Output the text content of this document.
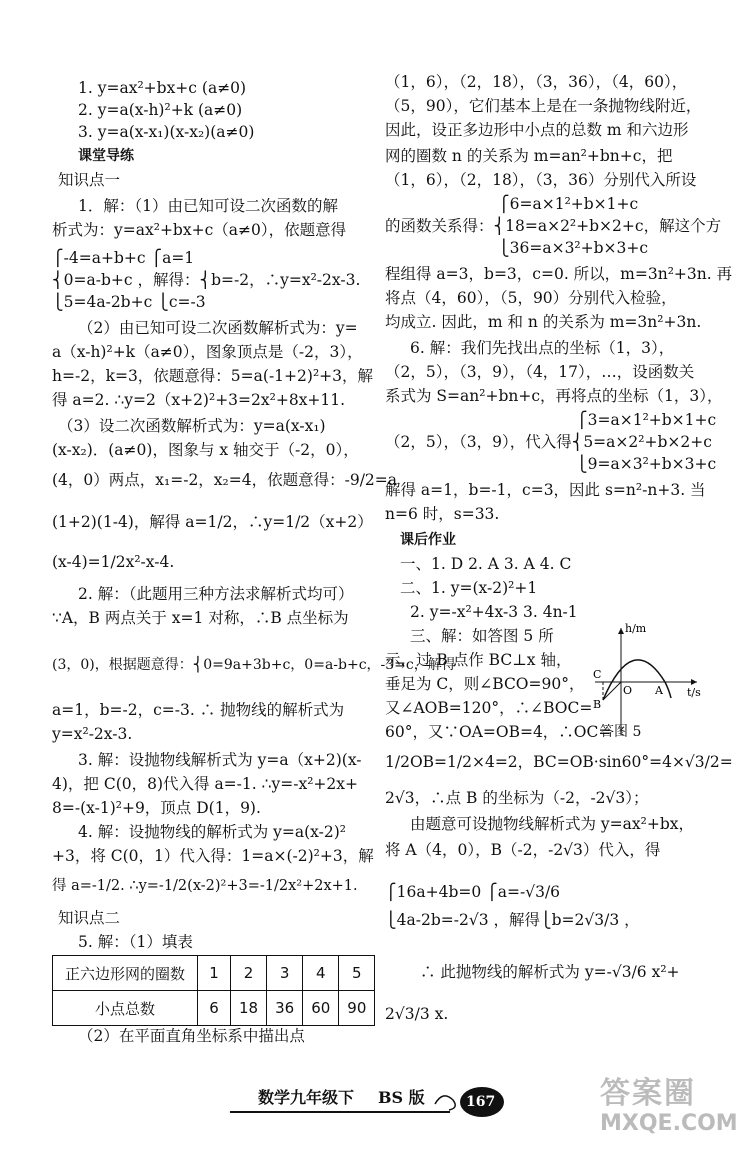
1. y=ax²+bx+c (a≠0)
2. y=a(x-h)²+k (a≠0)
3. y=a(x-x₁)(x-x₂)(a≠0)
课堂导练
知识点一
1．解：（1）由已知可设二次函数的解
析式为：y=ax²+bx+c（a≠0），依题意得
⎧-4=a+b+c ⎧a=1
⎨0=a-b+c ，解得：⎨b=-2，∴y=x²-2x-3.
⎩5=4a-2b+c ⎩c=-3
（2）由已知可设二次函数解析式为：y=
a（x-h)²+k（a≠0），图象顶点是（-2，3），
h=-2，k=3，依题意得：5=a(-1+2)²+3，解
得 a=2. ∴y=2（x+2)²+3=2x²+8x+11.
（3）设二次函数解析式为：y=a(x-x₁)
(x-x₂)．(a≠0)，图象与 x 轴交于（-2，0），
(4，0）两点，x₁=-2，x₂=4，依题意得：-9/2=a
(1+2)(1-4)，解得 a=1/2，∴y=1/2（x+2）
(x-4)=1/2x²-x-4.
2. 解：（此题用三种方法求解析式均可）
∵A，B 两点关于 x=1 对称，∴B 点坐标为
(3，0)，根据题意得：⎨0=9a+3b+c，0=a-b+c，-3=c，解得
a=1，b=-2，c=-3. ∴ 抛物线的解析式为
y=x²-2x-3.
3. 解：设抛物线解析式为 y=a（x+2)(x-
4)，把 C(0，8)代入得 a=-1. ∴y=-x²+2x+
8=-(x-1)²+9，顶点 D(1，9).
4. 解：设抛物线的解析式为 y=a(x-2)²
+3，将 C(0，1）代入得：1=a×(-2)²+3，解
得 a=-1/2. ∴y=-1/2(x-2)²+3=-1/2x²+2x+1.
知识点二
5. 解：（1）填表
正六边形网的圈数	1	2	3	4	5
小点总数	6	18	36	60	90
（2）在平面直角坐标系中描出点
（1，6），（2，18），（3，36），（4，60），
（5，90），它们基本上是在一条抛物线附近，
因此，设正多边形中小点的总数 m 和六边形
网的圈数 n 的关系为 m=an²+bn+c，把
（1，6），（2，18），（3，36）分别代入所设
⎧6=a×1²+b×1+c
的函数关系得：⎨18=a×2²+b×2+c，解这个方
⎩36=a×3²+b×3+c
程组得 a=3，b=3，c=0. 所以，m=3n²+3n. 再
将点（4，60），（5，90）分别代入检验，
均成立. 因此，m 和 n 的关系为 m=3n²+3n.
6. 解：我们先找出点的坐标（1，3），
（2，5），（3，9），（4，17），…，设函数关
系式为 S=an²+bn+c，再将点的坐标（1，3），
⎧3=a×1²+b×1+c
（2，5），（3，9），代入得⎨5=a×2²+b×2+c
⎩9=a×3²+b×3+c
解得 a=1，b=-1，c=3，因此 s=n²-n+3. 当
n=6 时，s=33.
课后作业
一、1. D 2. A 3. A 4. C
二、1. y=(x-2)²+1
2. y=-x²+4x-3 3. 4n-1
三、解：如答图 5 所
示，过 B 点作 BC⊥x 轴，
垂足为 C，则∠BCO=90°，
又∠AOB=120°，∴∠BOC=
60°，又∵OA=OB=4，∴OC=
1/2OB=1/2×4=2，BC=OB·sin60°=4×√3/2=
2√3，∴点 B 的坐标为（-2，-2√3）；
由题意可设抛物线解析式为 y=ax²+bx，
将 A（4，0），B（-2，-2√3）代入，得
⎧16a+4b=0 ⎧a=-√3/6
⎩4a-2b=-2√3 ，解得⎩b=2√3/3 ，
∴ 此抛物线的解析式为 y=-√3/6 x²+
2√3/3 x.
h/m
t/s
C
O A
B
答图 5
数学九年级下 BS 版	167	答案圈
MXQE.COM
